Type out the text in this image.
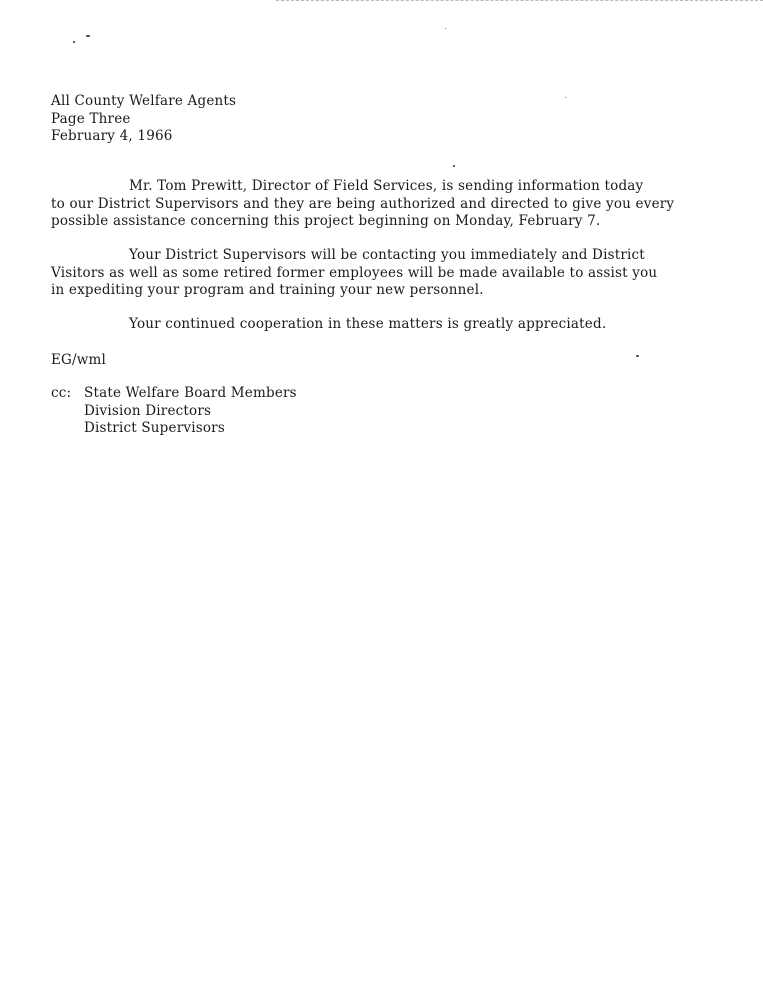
All County Welfare Agents
Page Three
February 4, 1966
Mr. Tom Prewitt, Director of Field Services, is sending information today
to our District Supervisors and they are being authorized and directed to give you every
possible assistance concerning this project beginning on Monday, February 7.
Your District Supervisors will be contacting you immediately and District
Visitors as well as some retired former employees will be made available to assist you
in expediting your program and training your new personnel.
Your continued cooperation in these matters is greatly appreciated.
EG/wml
cc: State Welfare Board Members
Division Directors
District Supervisors
